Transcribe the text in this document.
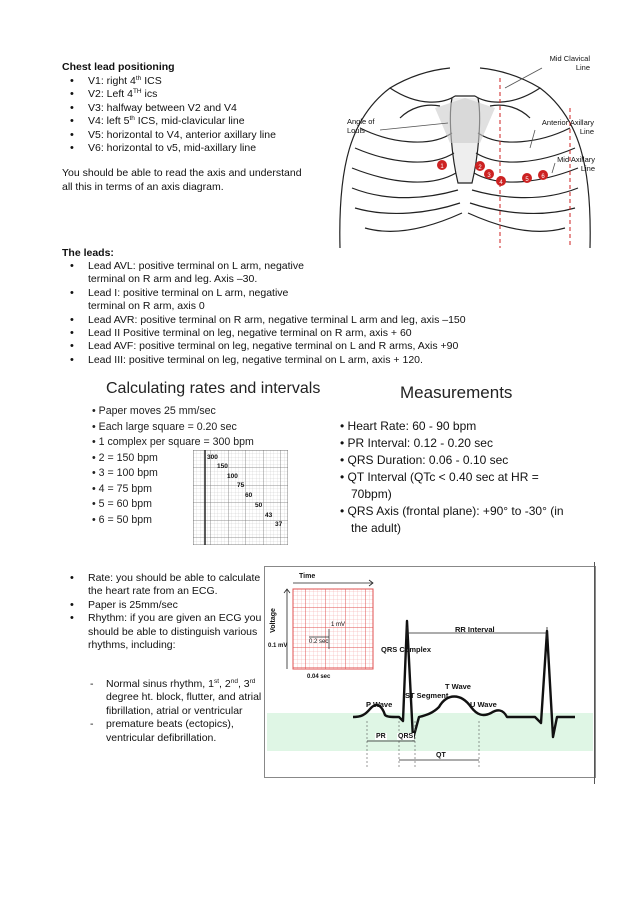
Chest lead positioning
• V1: right 4th ICS
• V2: Left 4TH ics
• V3: halfway between V2 and V4
• V4: left 5th ICS, mid-clavicular line
• V5: horizontal to V4, anterior axillary line
• V6: horizontal to v5, mid-axillary line
You should be able to read the axis and understand all this in terms of an axis diagram.
1	2
3
4	5 6
Mid Clavical Line
Angle of Louis
Anterior Axillary Line
Mid Axillary Line
The leads:
• Lead AVL: positive terminal on L arm, negative terminal on R arm and leg. Axis –30.
• Lead I: positive terminal on L arm, negative terminal on R arm, axis 0
• Lead AVR: positive terminal on R arm, negative terminal L arm and leg, axis –150
• Lead II Positive terminal on leg, negative terminal on R arm, axis + 60
• Lead AVF: positive terminal on leg, negative terminal on L and R arms, Axis +90
• Lead III: positive terminal on leg, negative terminal on L arm, axis + 120.
Calculating rates and intervals
• Paper moves 25 mm/sec
• Each large square = 0.20 sec
• 1 complex per square = 300 bpm
• 2 = 150 bpm
• 3 = 100 bpm
• 4 = 75 bpm
• 5 = 60 bpm
• 6 = 50 bpm
300
150
100
75
60
50
43
37
Measurements
• Heart Rate: 60 - 90 bpm
• PR Interval: 0.12 - 0.20 sec
• QRS Duration: 0.06 - 0.10 sec
• QT Interval (QTc < 0.40 sec at HR = 70bpm)
• QRS Axis (frontal plane): +90° to -30° (in the adult)
• Rate: you should be able to calculate the heart rate from an ECG.
• Paper is 25mm/sec
• Rhythm: if you are given an ECG you should be able to distinguish various rhythms, including:
- Normal sinus rhythm, 1st, 2nd, 3rd degree ht. block, flutter, and atrial fibrillation, atrial or ventricular
- premature beats (ectopics), ventricular defibrillation.
Time
Voltage	1 mV
0.2 sec
0.1 mV
0.04 sec
RR Interval
QRS Complex
T Wave
ST Segment
P Wave	U Wave
PR QRS
QT
